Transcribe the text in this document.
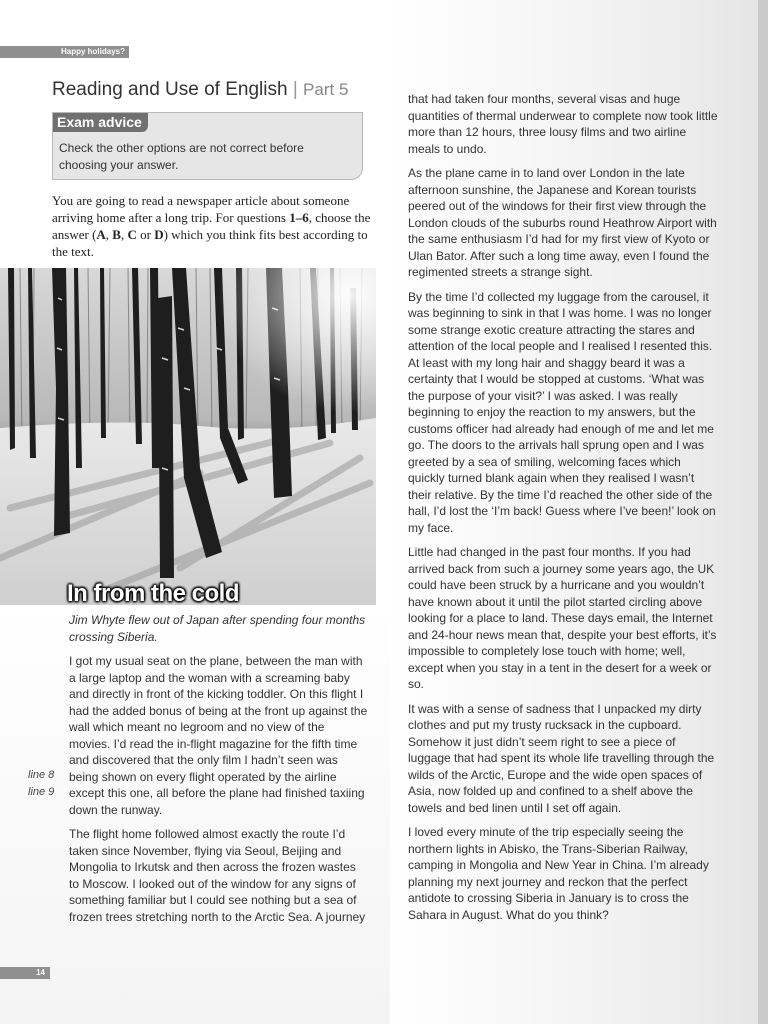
Happy holidays?
Reading and Use of English | Part 5
Exam advice
Check the other options are not correct before choosing your answer.
You are going to read a newspaper article about someone arriving home after a long trip. For questions 1–6, choose the answer (A, B, C or D) which you think fits best according to the text.
In from the cold
Jim Whyte flew out of Japan after spending four months crossing Siberia.
line 8
line 9

I got my usual seat on the plane, between the man with a large laptop and the woman with a screaming baby and directly in front of the kicking toddler. On this flight I had the added bonus of being at the front up against the wall which meant no legroom and no view of the movies. I’d read the in-flight magazine for the fifth time and discovered that the only film I hadn’t seen was being shown on every flight operated by the airline except this one, all before the plane had finished taxiing down the runway.

The flight home followed almost exactly the route I’d taken since November, flying via Seoul, Beijing and Mongolia to Irkutsk and then across the frozen wastes to Moscow. I looked out of the window for any signs of something familiar but I could see nothing but a sea of frozen trees stretching north to the Arctic Sea. A journey

that had taken four months, several visas and huge quantities of thermal underwear to complete now took little more than 12 hours, three lousy films and two airline meals to undo.

As the plane came in to land over London in the late afternoon sunshine, the Japanese and Korean tourists peered out of the windows for their first view through the London clouds of the suburbs round Heathrow Airport with the same enthusiasm I’d had for my first view of Kyoto or Ulan Bator. After such a long time away, even I found the regimented streets a strange sight.

By the time I’d collected my luggage from the carousel, it was beginning to sink in that I was home. I was no longer some strange exotic creature attracting the stares and attention of the local people and I realised I resented this. At least with my long hair and shaggy beard it was a certainty that I would be stopped at customs. ‘What was the purpose of your visit?’ I was asked. I was really beginning to enjoy the reaction to my answers, but the customs officer had already had enough of me and let me go. The doors to the arrivals hall sprung open and I was greeted by a sea of smiling, welcoming faces which quickly turned blank again when they realised I wasn’t their relative. By the time I’d reached the other side of the hall, I’d lost the ‘I’m back! Guess where I’ve been!’ look on my face.

Little had changed in the past four months. If you had arrived back from such a journey some years ago, the UK could have been struck by a hurricane and you wouldn’t have known about it until the pilot started circling above looking for a place to land. These days email, the Internet and 24-hour news mean that, despite your best efforts, it’s impossible to completely lose touch with home; well, except when you stay in a tent in the desert for a week or so.

It was with a sense of sadness that I unpacked my dirty clothes and put my trusty rucksack in the cupboard. Somehow it just didn’t seem right to see a piece of luggage that had spent its whole life travelling through the wilds of the Arctic, Europe and the wide open spaces of Asia, now folded up and confined to a shelf above the towels and bed linen until I set off again.

I loved every minute of the trip especially seeing the northern lights in Abisko, the Trans-Siberian Railway, camping in Mongolia and New Year in China. I’m already planning my next journey and reckon that the perfect antidote to crossing Siberia in January is to cross the Sahara in August. What do you think?

14
